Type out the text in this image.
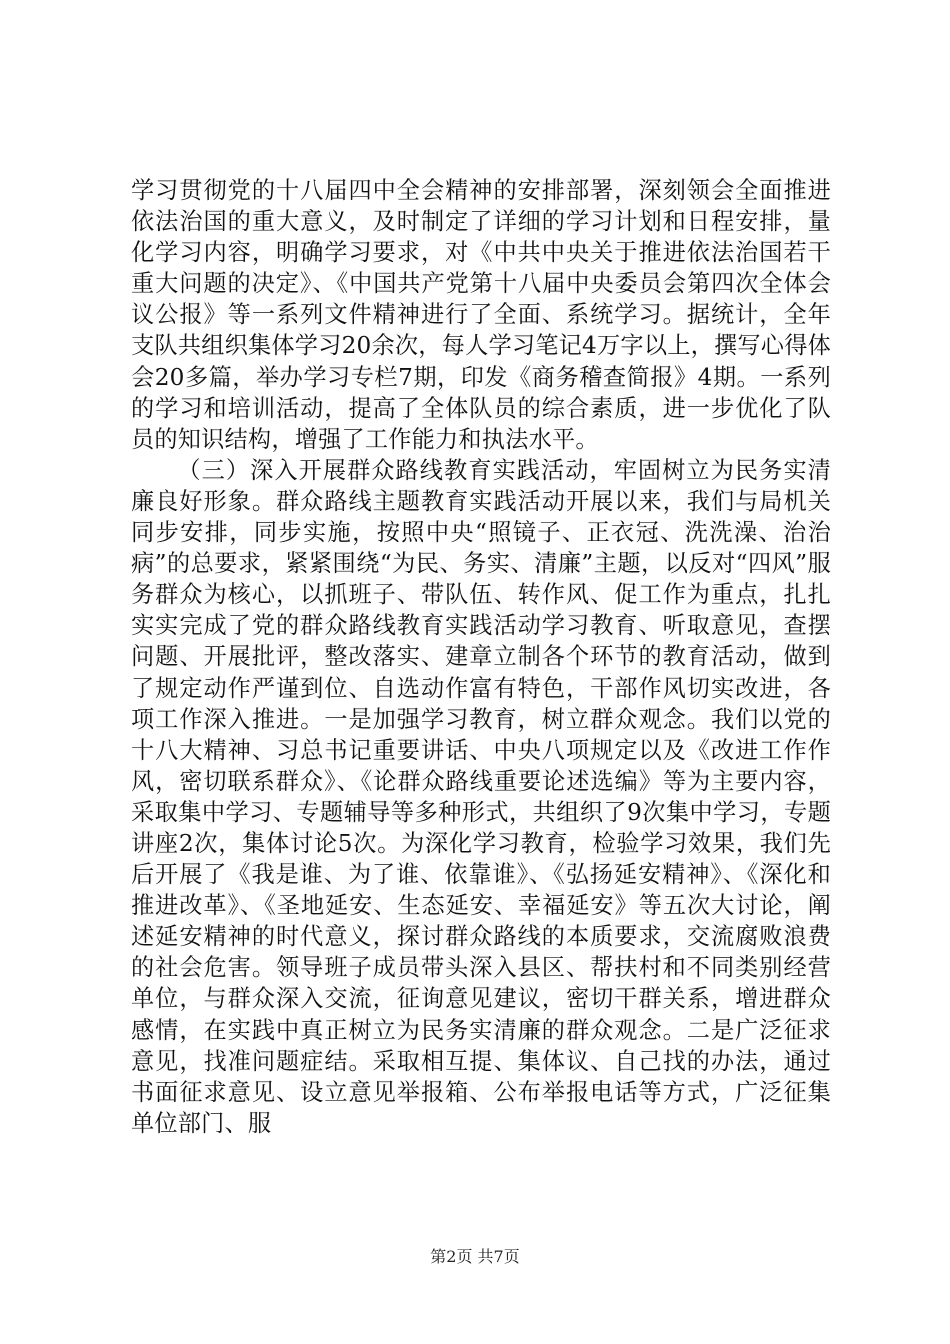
学习贯彻党的十八届四中全会精神的安排部署，深刻领会全面推进依法治国的重大意义，及时制定了详细的学习计划和日程安排，量化学习内容，明确学习要求，对《中共中央关于推进依法治国若干重大问题的决定》、《中国共产党第十八届中央委员会第四次全体会议公报》等一系列文件精神进行了全面、系统学习。据统计，全年支队共组织集体学习20余次，每人学习笔记4万字以上，撰写心得体会20多篇，举办学习专栏7期，印发《商务稽查简报》4期。一系列的学习和培训活动，提高了全体队员的综合素质，进一步优化了队员的知识结构，增强了工作能力和执法水平。

（三）深入开展群众路线教育实践活动，牢固树立为民务实清廉良好形象。群众路线主题教育实践活动开展以来，我们与局机关同步安排，同步实施，按照中央“照镜子、正衣冠、洗洗澡、治治病”的总要求，紧紧围绕“为民、务实、清廉”主题，以反对“四风”服务群众为核心，以抓班子、带队伍、转作风、促工作为重点，扎扎实实完成了党的群众路线教育实践活动学习教育、听取意见，查摆问题、开展批评，整改落实、建章立制各个环节的教育活动，做到了规定动作严谨到位、自选动作富有特色，干部作风切实改进，各项工作深入推进。一是加强学习教育，树立群众观念。我们以党的十八大精神、习总书记重要讲话、中央八项规定以及《改进工作作风，密切联系群众》、《论群众路线重要论述选编》等为主要内容，采取集中学习、专题辅导等多种形式，共组织了9次集中学习，专题讲座2次，集体讨论5次。为深化学习教育，检验学习效果，我们先后开展了《我是谁、为了谁、依靠谁》、《弘扬延安精神》、《深化和推进改革》、《圣地延安、生态延安、幸福延安》等五次大讨论，阐述延安精神的时代意义，探讨群众路线的本质要求，交流腐败浪费的社会危害。领导班子成员带头深入县区、帮扶村和不同类别经营单位，与群众深入交流，征询意见建议，密切干群关系，增进群众感情，在实践中真正树立为民务实清廉的群众观念。二是广泛征求意见，找准问题症结。采取相互提、集体议、自己找的办法，通过书面征求意见、设立意见举报箱、公布举报电话等方式，广泛征集单位部门、服

第2页 共7页
